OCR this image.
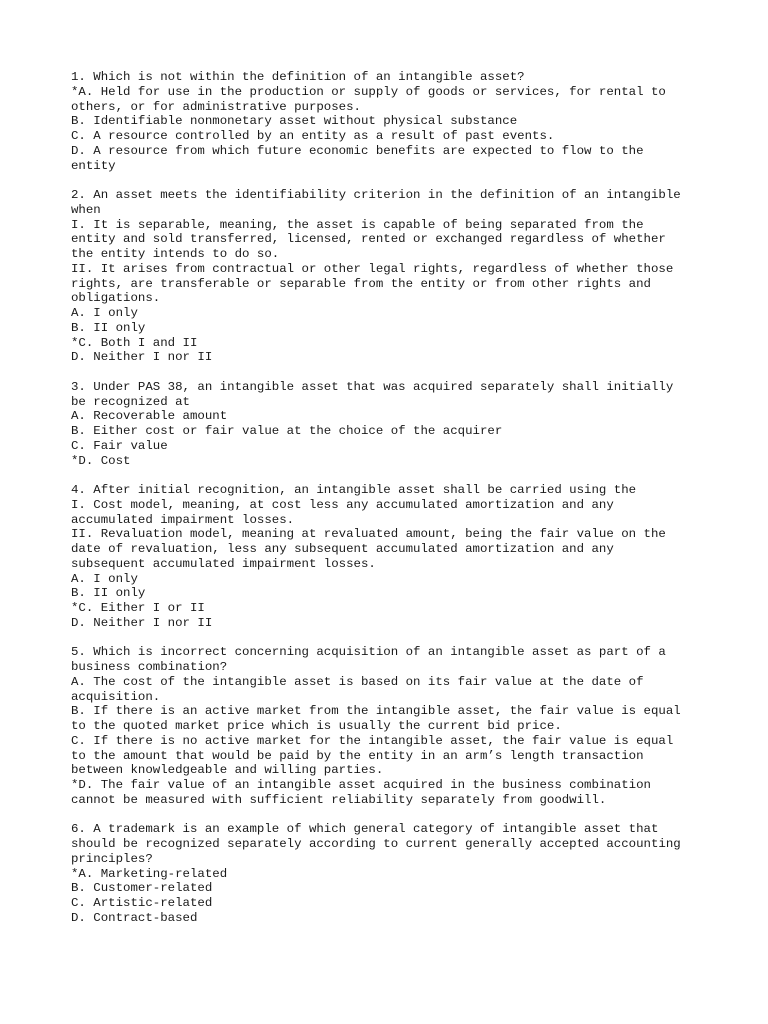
1. Which is not within the definition of an intangible asset?
*A. Held for use in the production or supply of goods or services, for rental to
others, or for administrative purposes.
B. Identifiable nonmonetary asset without physical substance
C. A resource controlled by an entity as a result of past events.
D. A resource from which future economic benefits are expected to flow to the
entity
2. An asset meets the identifiability criterion in the definition of an intangible
when
I. It is separable, meaning, the asset is capable of being separated from the
entity and sold transferred, licensed, rented or exchanged regardless of whether
the entity intends to do so.
II. It arises from contractual or other legal rights, regardless of whether those
rights, are transferable or separable from the entity or from other rights and
obligations.
A. I only
B. II only
*C. Both I and II
D. Neither I nor II
3. Under PAS 38, an intangible asset that was acquired separately shall initially
be recognized at
A. Recoverable amount
B. Either cost or fair value at the choice of the acquirer
C. Fair value
*D. Cost
4. After initial recognition, an intangible asset shall be carried using the
I. Cost model, meaning, at cost less any accumulated amortization and any
accumulated impairment losses.
II. Revaluation model, meaning at revaluated amount, being the fair value on the
date of revaluation, less any subsequent accumulated amortization and any
subsequent accumulated impairment losses.
A. I only
B. II only
*C. Either I or II
D. Neither I nor II
5. Which is incorrect concerning acquisition of an intangible asset as part of a
business combination?
A. The cost of the intangible asset is based on its fair value at the date of
acquisition.
B. If there is an active market from the intangible asset, the fair value is equal
to the quoted market price which is usually the current bid price.
C. If there is no active market for the intangible asset, the fair value is equal
to the amount that would be paid by the entity in an arm’s length transaction
between knowledgeable and willing parties.
*D. The fair value of an intangible asset acquired in the business combination
cannot be measured with sufficient reliability separately from goodwill.
6. A trademark is an example of which general category of intangible asset that
should be recognized separately according to current generally accepted accounting
principles?
*A. Marketing-related
B. Customer-related
C. Artistic-related
D. Contract-based
